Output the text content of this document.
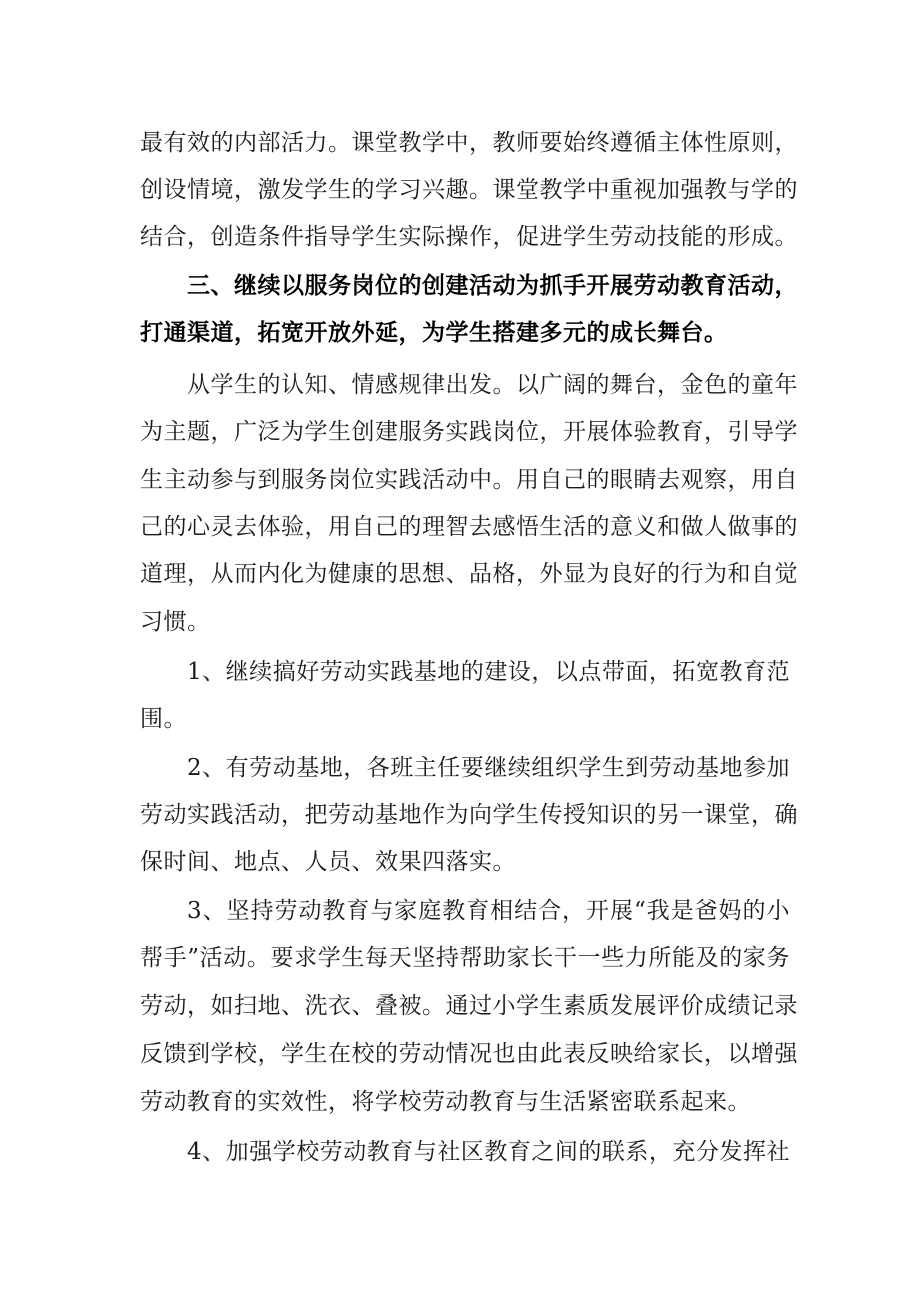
最有效的内部活力。课堂教学中，教师要始终遵循主体性原则，
创设情境，激发学生的学习兴趣。课堂教学中重视加强教与学的
结合，创造条件指导学生实际操作，促进学生劳动技能的形成。
三、继续以服务岗位的创建活动为抓手开展劳动教育活动，
打通渠道，拓宽开放外延，为学生搭建多元的成长舞台。
从学生的认知、情感规律出发。以广阔的舞台，金色的童年
为主题，广泛为学生创建服务实践岗位，开展体验教育，引导学
生主动参与到服务岗位实践活动中。用自己的眼睛去观察，用自
己的心灵去体验，用自己的理智去感悟生活的意义和做人做事的
道理，从而内化为健康的思想、品格，外显为良好的行为和自觉
习惯。
1、继续搞好劳动实践基地的建设，以点带面，拓宽教育范
围。
2、有劳动基地，各班主任要继续组织学生到劳动基地参加
劳动实践活动，把劳动基地作为向学生传授知识的另一课堂，确
保时间、地点、人员、效果四落实。
3、坚持劳动教育与家庭教育相结合，开展“我是爸妈的小
帮手”活动。要求学生每天坚持帮助家长干一些力所能及的家务
劳动，如扫地、洗衣、叠被。通过小学生素质发展评价成绩记录
反馈到学校，学生在校的劳动情况也由此表反映给家长，以增强
劳动教育的实效性，将学校劳动教育与生活紧密联系起来。
4、加强学校劳动教育与社区教育之间的联系，充分发挥社
